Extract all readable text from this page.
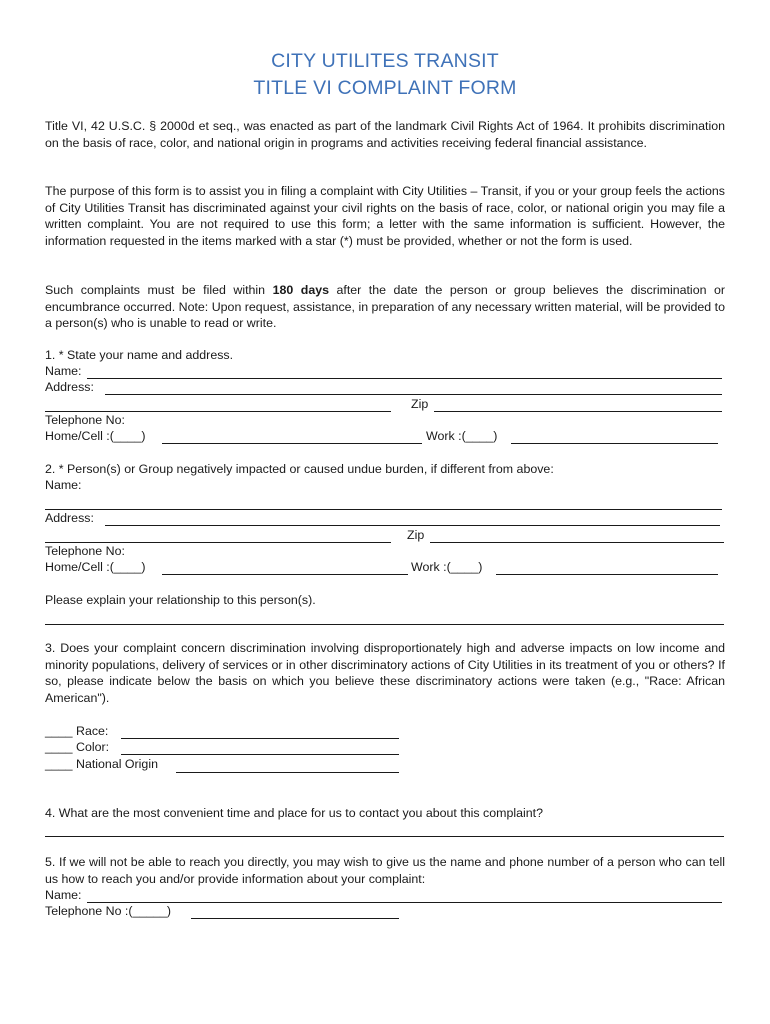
CITY UTILITES TRANSIT
TITLE VI COMPLAINT FORM
Title VI, 42 U.S.C. § 2000d et seq., was enacted as part of the landmark Civil Rights Act of 1964. It prohibits discrimination on the basis of race, color, and national origin in programs and activities receiving federal financial assistance.
The purpose of this form is to assist you in filing a complaint with City Utilities – Transit, if you or your group feels the actions of City Utilities Transit has discriminated against your civil rights on the basis of race, color, or national origin you may file a written complaint. You are not required to use this form; a letter with the same information is sufficient. However, the information requested in the items marked with a star (*) must be provided, whether or not the form is used.
Such complaints must be filed within 180 days after the date the person or group believes the discrimination or encumbrance occurred. Note: Upon request, assistance, in preparation of any necessary written material, will be provided to a person(s) who is unable to read or write.
1. * State your name and address.
Name:
Address:
Zip
Telephone No:
Home/Cell :(____)	Work :(____)
2. * Person(s) or Group negatively impacted or caused undue burden, if different from above:
Name:
Address:
Zip
Telephone No:
Home/Cell :(____)	Work :(____)
Please explain your relationship to this person(s).
3. Does your complaint concern discrimination involving disproportionately high and adverse impacts on low income and minority populations, delivery of services or in other discriminatory actions of City Utilities in its treatment of you or others? If so, please indicate below the basis on which you believe these discriminatory actions were taken (e.g., "Race: African American").
____ Race:
____ Color:
____ National Origin
4. What are the most convenient time and place for us to contact you about this complaint?
5. If we will not be able to reach you directly, you may wish to give us the name and phone number of a person who can tell us how to reach you and/or provide information about your complaint:
Name:
Telephone No :(_____)
